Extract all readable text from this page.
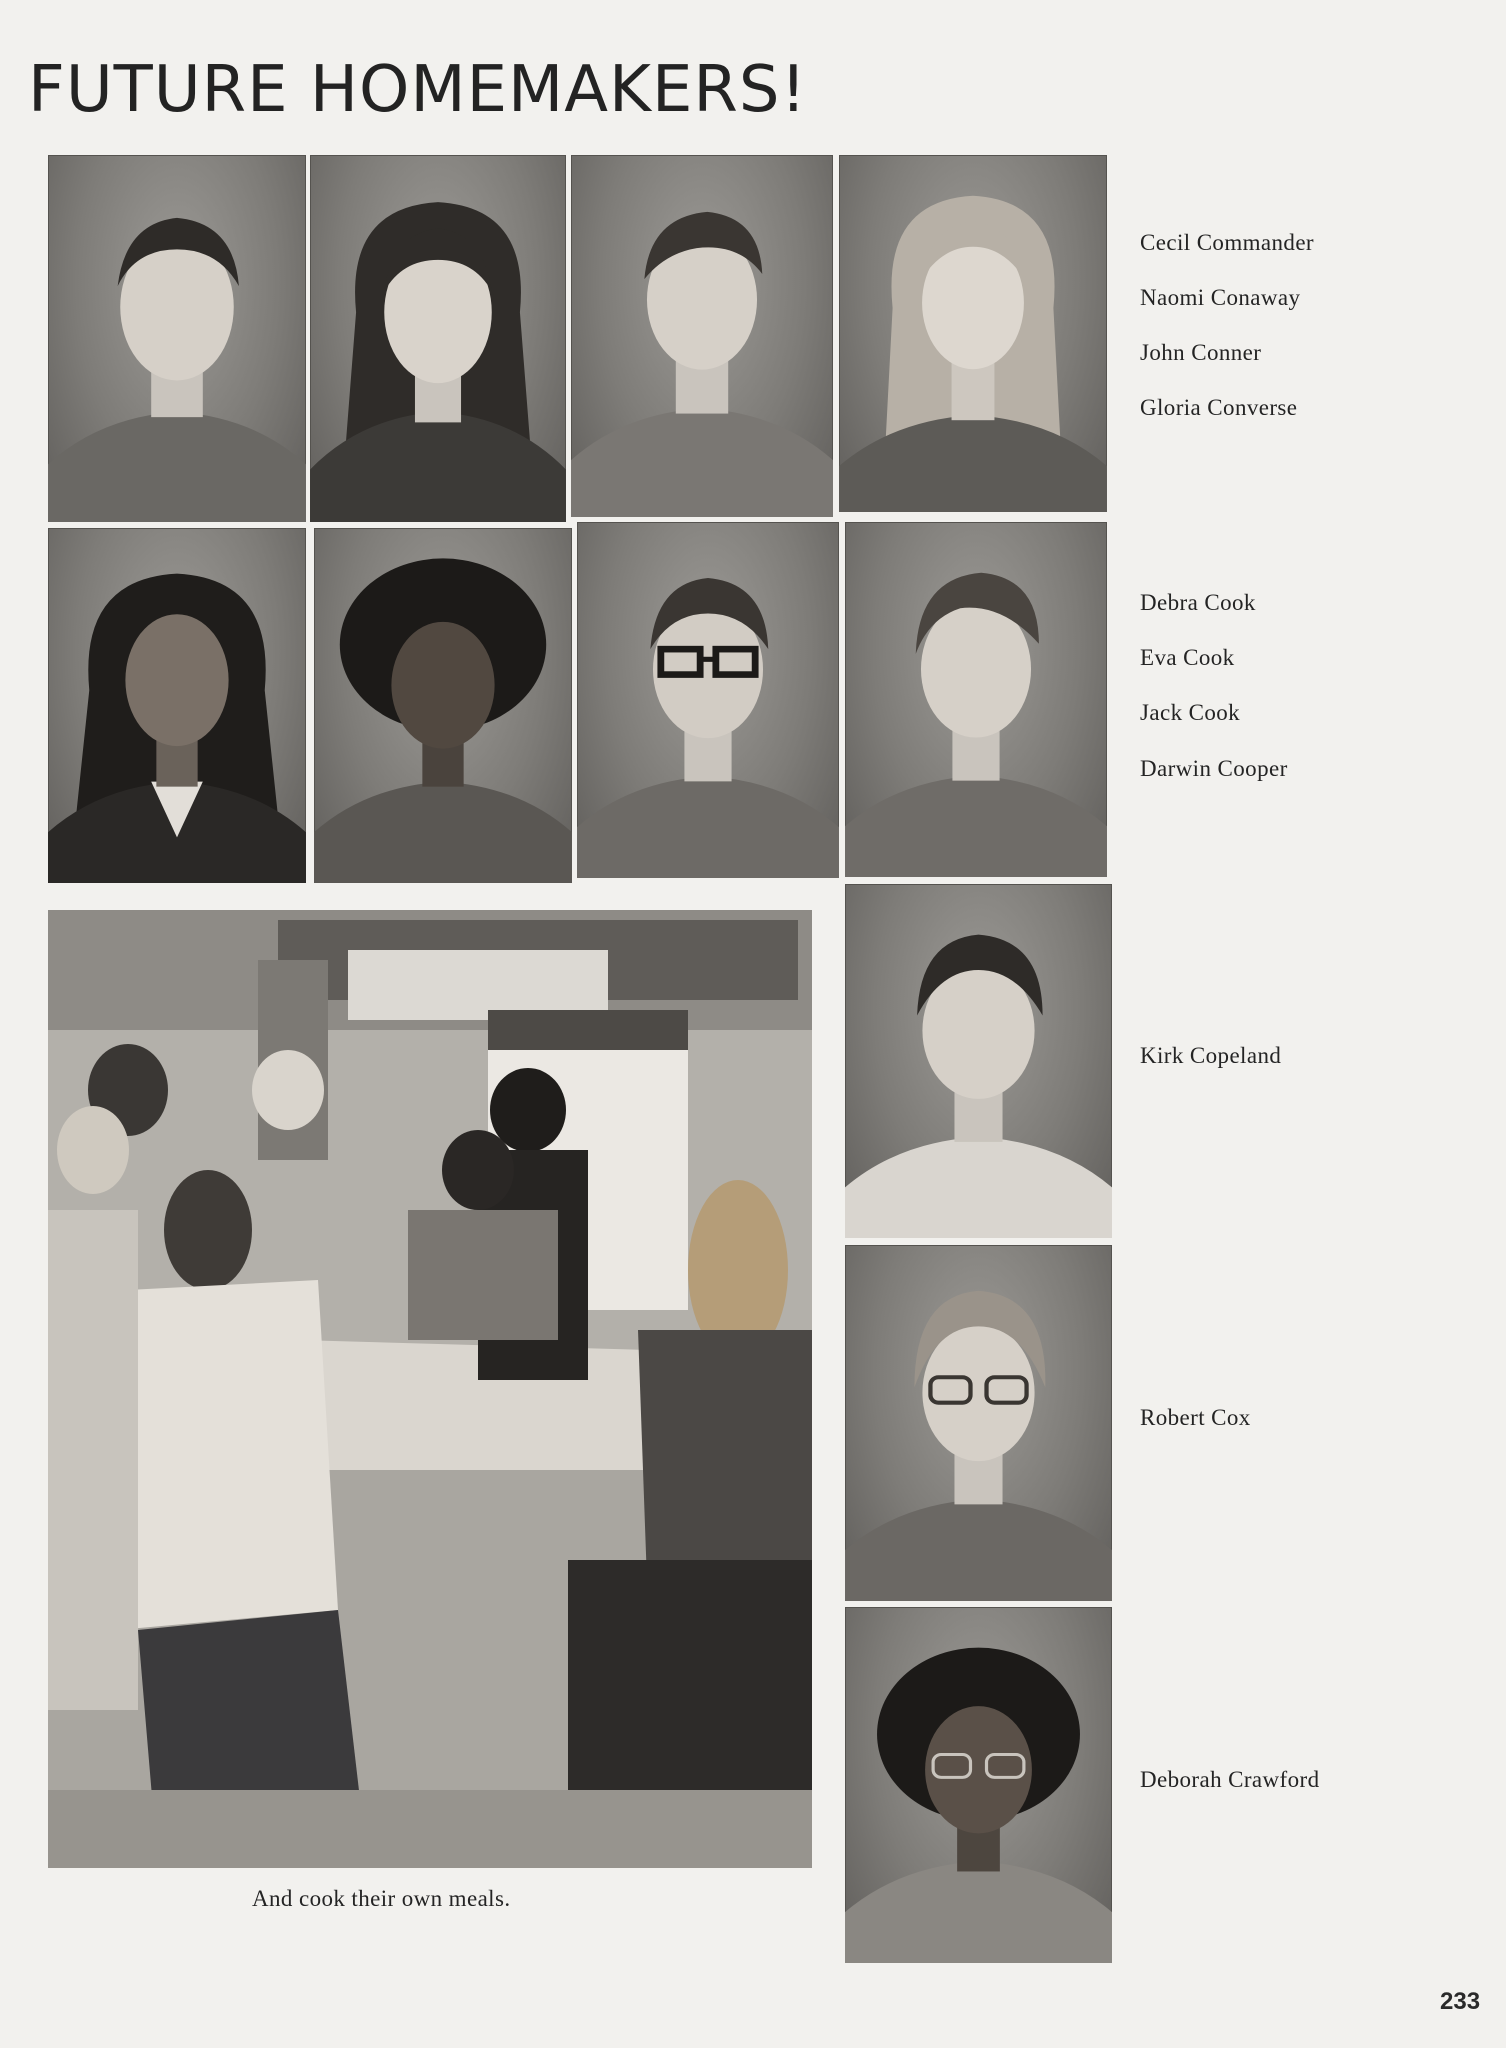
FUTURE HOMEMAKERS!
Cecil Commander
Naomi Conaway
John Conner
Gloria Converse
Debra Cook
Eva Cook
Jack Cook
Darwin Cooper
Kirk Copeland
Robert Cox
Deborah Crawford
And cook their own meals.
233
